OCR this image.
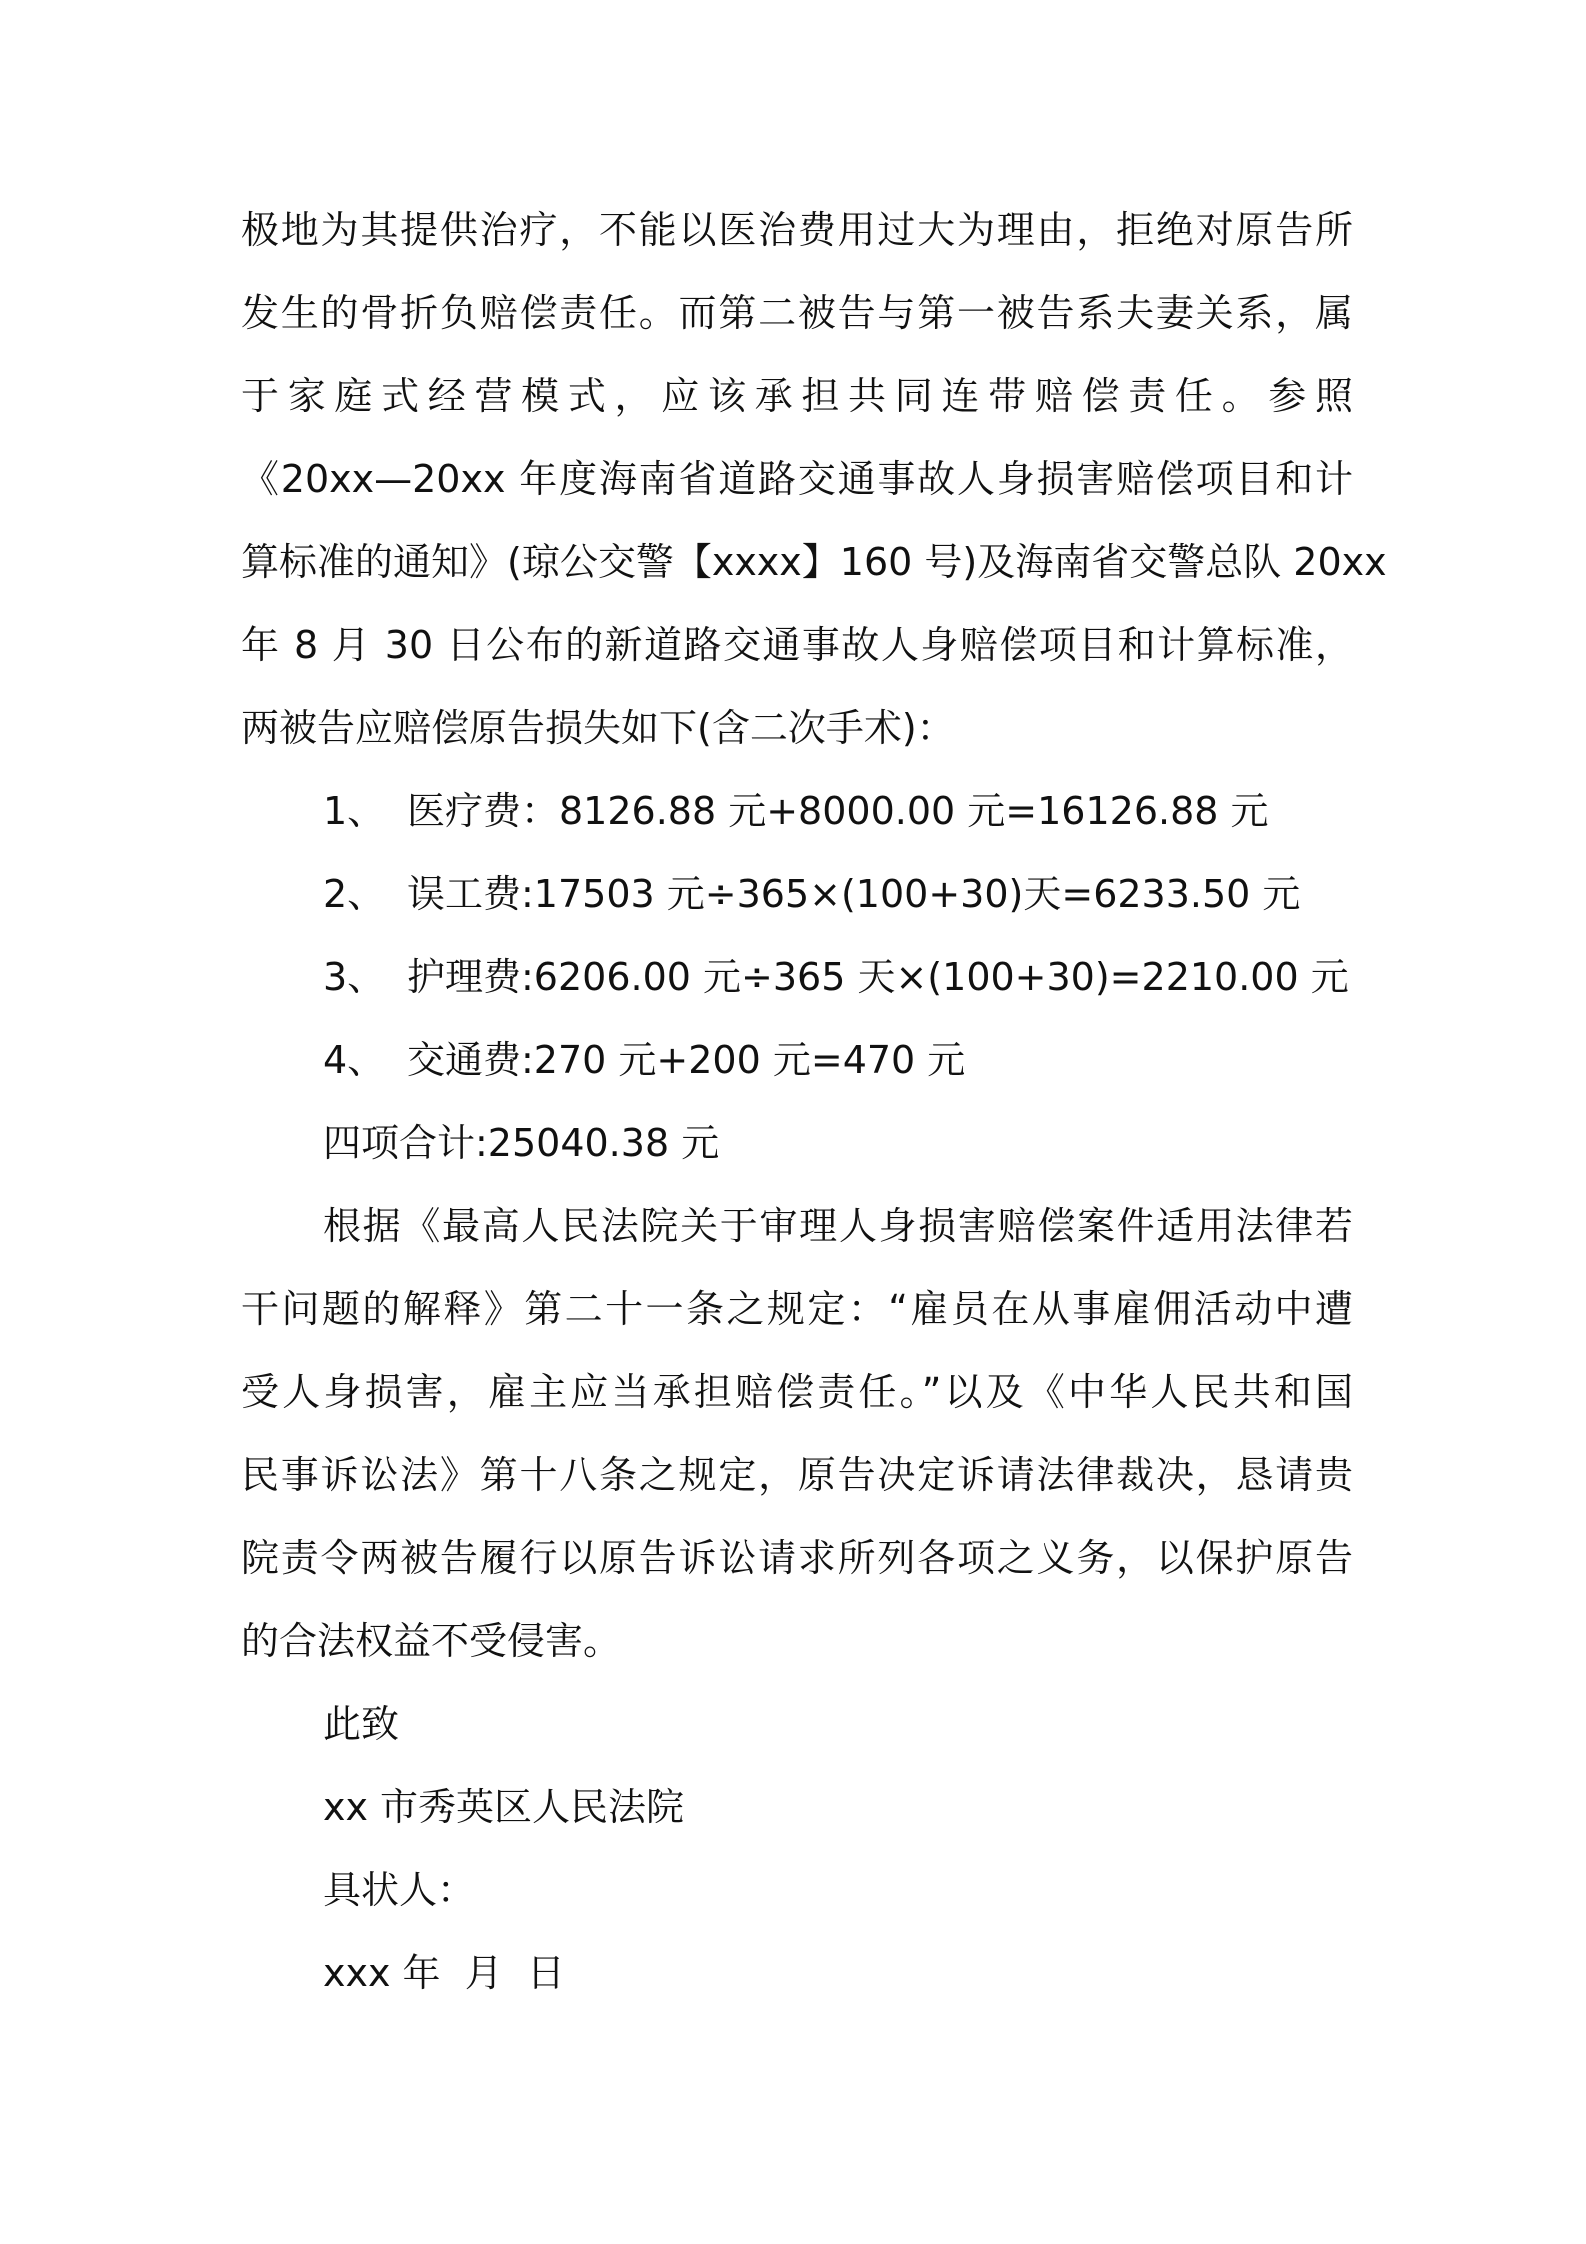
极地为其提供治疗，不能以医治费用过大为理由，拒绝对原告所
发生的骨折负赔偿责任。而第二被告与第一被告系夫妻关系，属
于家庭式经营模式，应该承担共同连带赔偿责任。参照
《20xx—20xx 年度海南省道路交通事故人身损害赔偿项目和计
算标准的通知》(琼公交警【xxxx】160 号)及海南省交警总队 20xx
年 8 月 30 日公布的新道路交通事故人身赔偿项目和计算标准，
两被告应赔偿原告损失如下(含二次手术)：
1、 医疗费：8126.88 元+8000.00 元=16126.88 元
2、 误工费:17503 元÷365×(100+30)天=6233.50 元
3、 护理费:6206.00 元÷365 天×(100+30)=2210.00 元
4、 交通费:270 元+200 元=470 元
四项合计:25040.38 元
根据《最高人民法院关于审理人身损害赔偿案件适用法律若
干问题的解释》第二十一条之规定：“雇员在从事雇佣活动中遭
受人身损害，雇主应当承担赔偿责任。”以及《中华人民共和国
民事诉讼法》第十八条之规定，原告决定诉请法律裁决，恳请贵
院责令两被告履行以原告诉讼请求所列各项之义务，以保护原告
的合法权益不受侵害。
此致
xx 市秀英区人民法院
具状人：
xxx 年  月  日
